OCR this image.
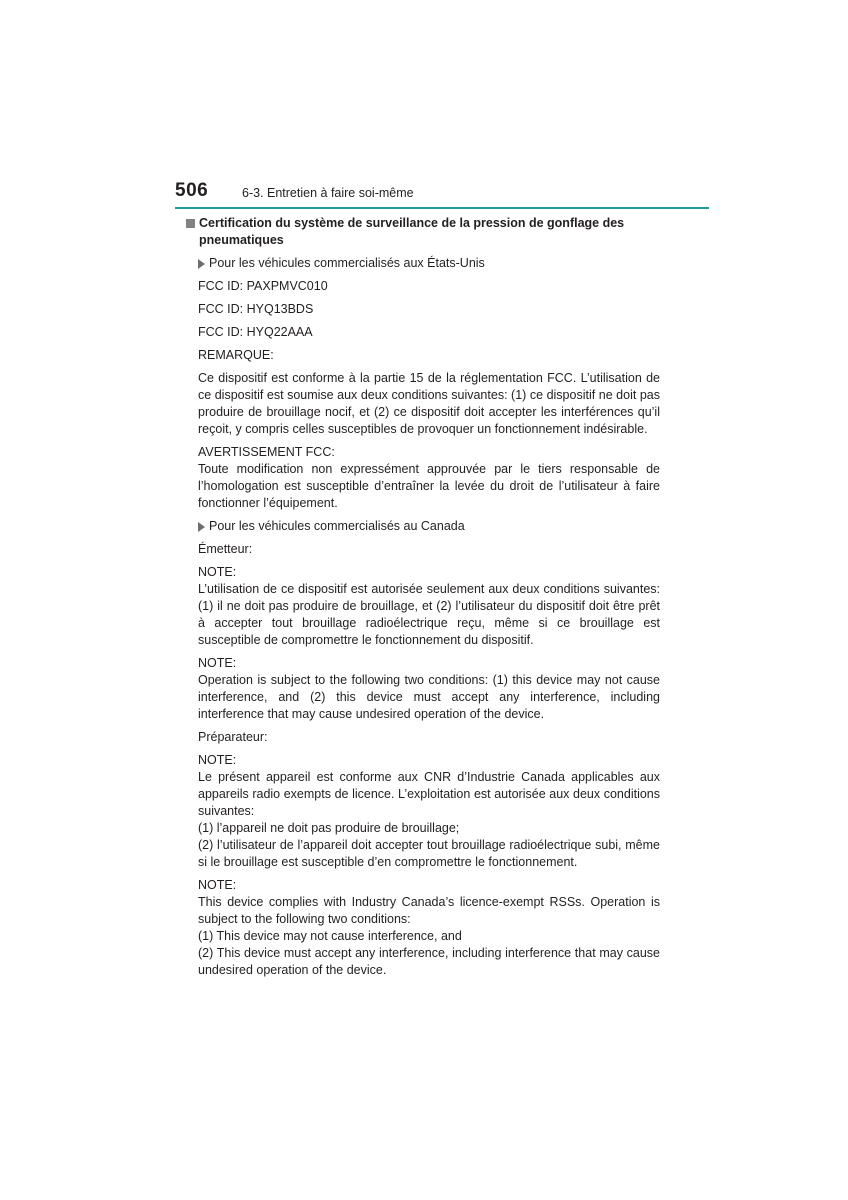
506	6-3. Entretien à faire soi-même
Certification du système de surveillance de la pression de gonflage des pneumatiques
Pour les véhicules commercialisés aux États-Unis
FCC ID: PAXPMVC010
FCC ID: HYQ13BDS
FCC ID: HYQ22AAA
REMARQUE:

Ce dispositif est conforme à la partie 15 de la réglementation FCC. L’utilisation de ce dispositif est soumise aux deux conditions suivantes: (1) ce dispositif ne doit pas produire de brouillage nocif, et (2) ce dispositif doit accepter les interférences qu’il reçoit, y compris celles susceptibles de provoquer un fonctionnement indésirable.

AVERTISSEMENT FCC:

Toute modification non expressément approuvée par le tiers responsable de l’homologation est susceptible d’entraîner la levée du droit de l’utilisateur à faire fonctionner l’équipement.

Pour les véhicules commercialisés au Canada
Émetteur:
NOTE:

L’utilisation de ce dispositif est autorisée seulement aux deux conditions suivantes: (1) il ne doit pas produire de brouillage, et (2) l’utilisateur du dispositif doit être prêt à accepter tout brouillage radioélectrique reçu, même si ce brouillage est susceptible de compromettre le fonctionnement du dispositif.

NOTE:

Operation is subject to the following two conditions: (1) this device may not cause interference, and (2) this device must accept any interference, including interference that may cause undesired operation of the device.

Préparateur:
NOTE:

Le présent appareil est conforme aux CNR d’Industrie Canada applicables aux appareils radio exempts de licence. L’exploitation est autorisée aux deux conditions suivantes:

(1) l’appareil ne doit pas produire de brouillage;

(2) l’utilisateur de l’appareil doit accepter tout brouillage radioélectrique subi, même si le brouillage est susceptible d’en compromettre le fonctionnement.

NOTE:

This device complies with Industry Canada’s licence-exempt RSSs. Operation is subject to the following two conditions:

(1) This device may not cause interference, and

(2) This device must accept any interference, including interference that may cause undesired operation of the device.
